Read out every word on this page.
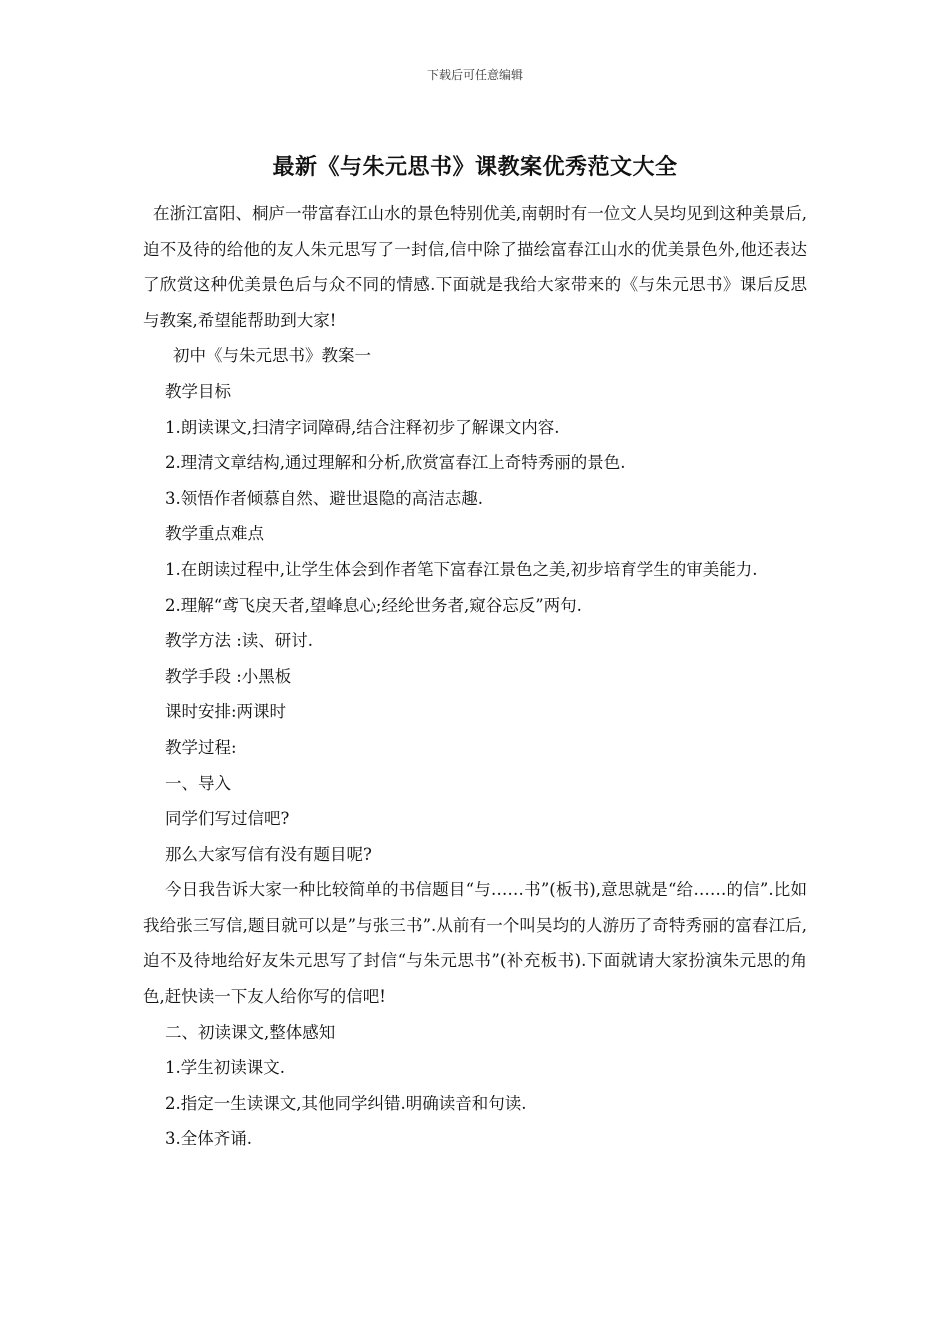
下载后可任意编辑
最新《与朱元思书》课教案优秀范文大全

在浙江富阳、桐庐一带富春江山水的景色特别优美,南朝时有一位文人吴均见到这种美景后,迫不及待的给他的友人朱元思写了一封信,信中除了描绘富春江山水的优美景色外,他还表达了欣赏这种优美景色后与众不同的情感.下面就是我给大家带来的《与朱元思书》课后反思与教案,希望能帮助到大家!

初中《与朱元思书》教案一

教学目标

1.朗读课文,扫清字词障碍,结合注释初步了解课文内容.

2.理清文章结构,通过理解和分析,欣赏富春江上奇特秀丽的景色.

3.领悟作者倾慕自然、避世退隐的高洁志趣.

教学重点难点

1.在朗读过程中,让学生体会到作者笔下富春江景色之美,初步培育学生的审美能力.

2.理解“鸢飞戾天者,望峰息心;经纶世务者,窥谷忘反”两句.

教学方法 :读、研讨.

教学手段 :小黑板

课时安排:两课时

教学过程:

一、导入

同学们写过信吧?

那么大家写信有没有题目呢?

今日我告诉大家一种比较简单的书信题目“与……书”(板书),意思就是“给……的信”.比如我给张三写信,题目就可以是”与张三书”.从前有一个叫吴均的人游历了奇特秀丽的富春江后,迫不及待地给好友朱元思写了封信“与朱元思书”(补充板书).下面就请大家扮演朱元思的角色,赶快读一下友人给你写的信吧!

二、初读课文,整体感知

1.学生初读课文.

2.指定一生读课文,其他同学纠错.明确读音和句读.

3.全体齐诵.
